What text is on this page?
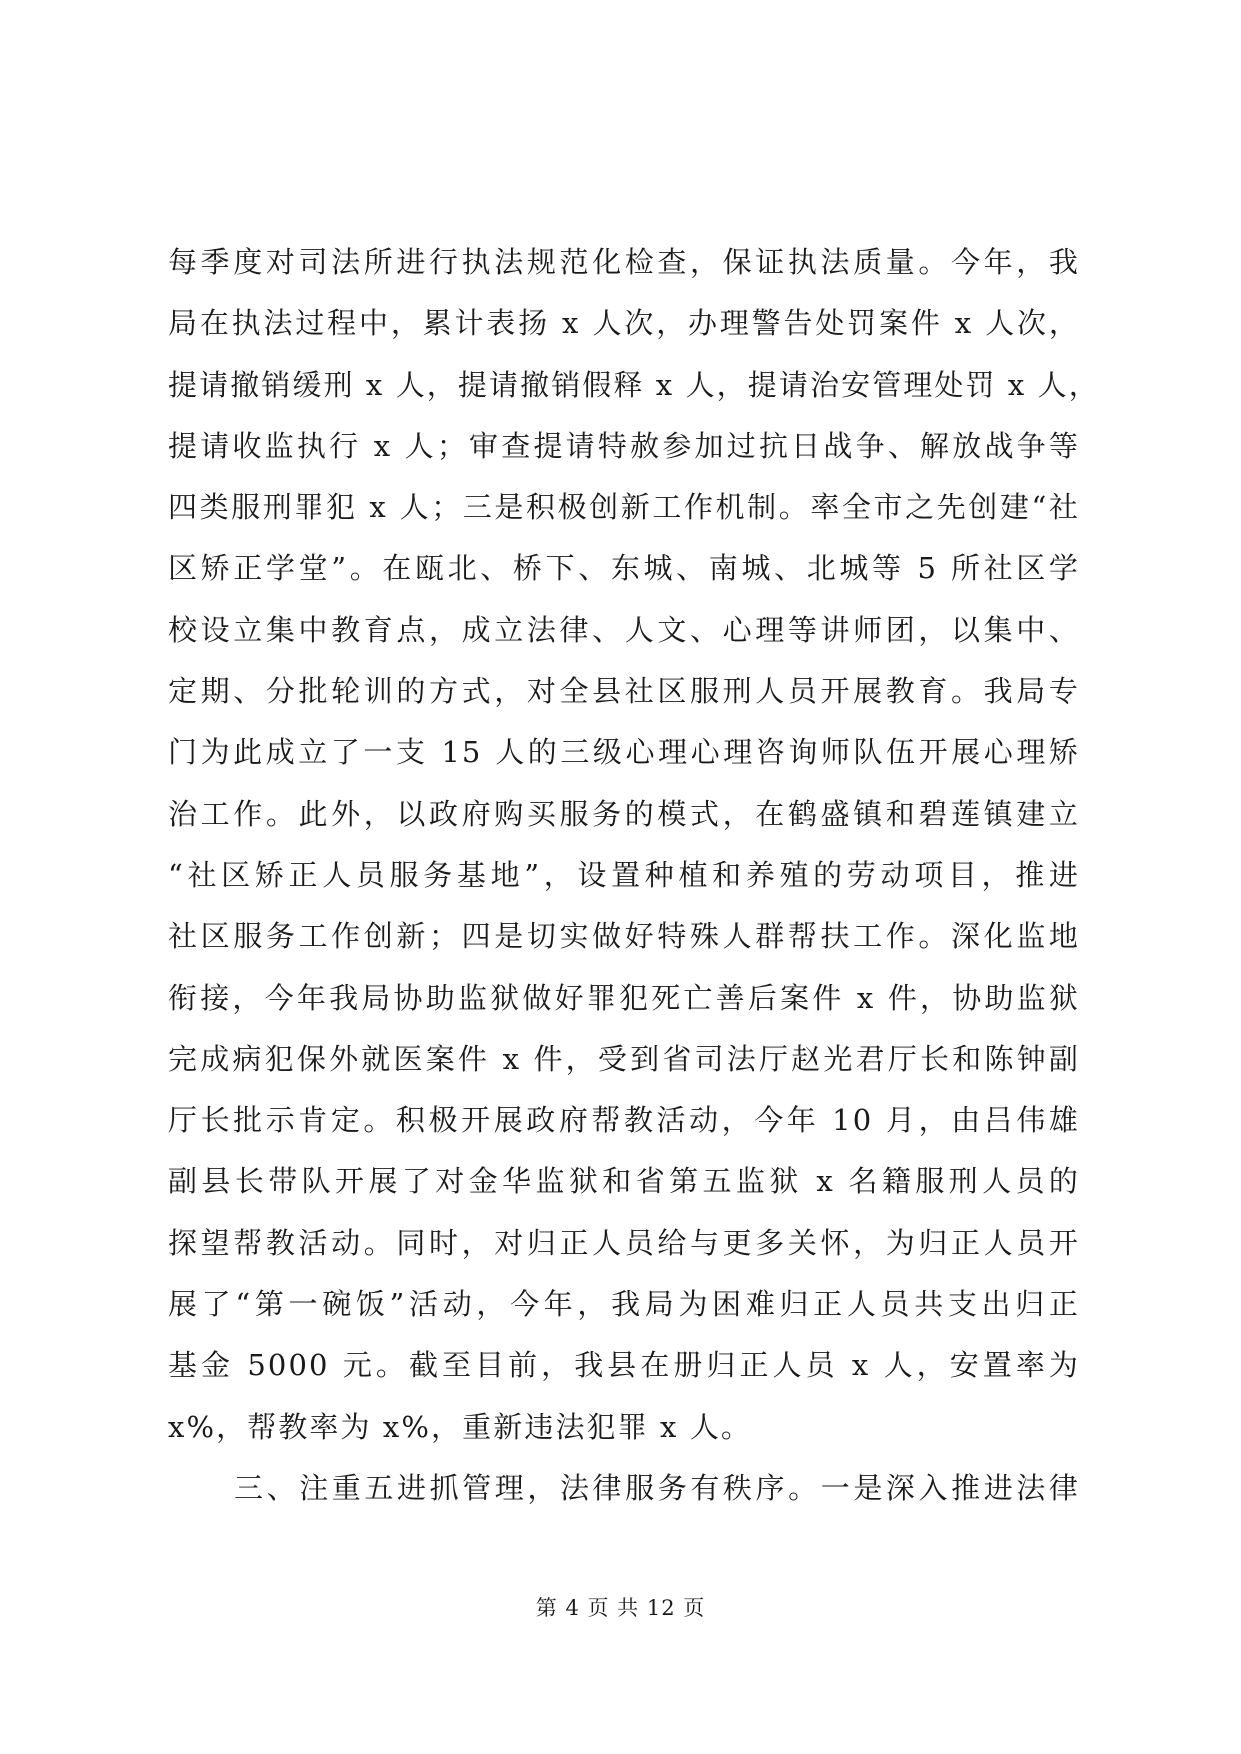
每季度对司法所进行执法规范化检查，保证执法质量。今年，我
局在执法过程中，累计表扬 x 人次，办理警告处罚案件 x 人次，
提请撤销缓刑 x 人，提请撤销假释 x 人，提请治安管理处罚 x 人，
提请收监执行 x 人；审查提请特赦参加过抗日战争、解放战争等
四类服刑罪犯 x 人；三是积极创新工作机制。率全市之先创建“社
区矫正学堂”。在瓯北、桥下、东城、南城、北城等 5 所社区学
校设立集中教育点，成立法律、人文、心理等讲师团，以集中、
定期、分批轮训的方式，对全县社区服刑人员开展教育。我局专
门为此成立了一支 15 人的三级心理心理咨询师队伍开展心理矫
治工作。此外，以政府购买服务的模式，在鹤盛镇和碧莲镇建立
“社区矫正人员服务基地”，设置种植和养殖的劳动项目，推进
社区服务工作创新；四是切实做好特殊人群帮扶工作。深化监地
衔接，今年我局协助监狱做好罪犯死亡善后案件 x 件，协助监狱
完成病犯保外就医案件 x 件，受到省司法厅赵光君厅长和陈钟副
厅长批示肯定。积极开展政府帮教活动，今年 10 月，由吕伟雄
副县长带队开展了对金华监狱和省第五监狱 x 名籍服刑人员的
探望帮教活动。同时，对归正人员给与更多关怀，为归正人员开
展了“第一碗饭”活动，今年，我局为困难归正人员共支出归正
基金 5000 元。截至目前，我县在册归正人员 x 人，安置率为
x%，帮教率为 x%，重新违法犯罪 x 人。
三、注重五进抓管理，法律服务有秩序。一是深入推进法律
第 4 页 共 12 页
